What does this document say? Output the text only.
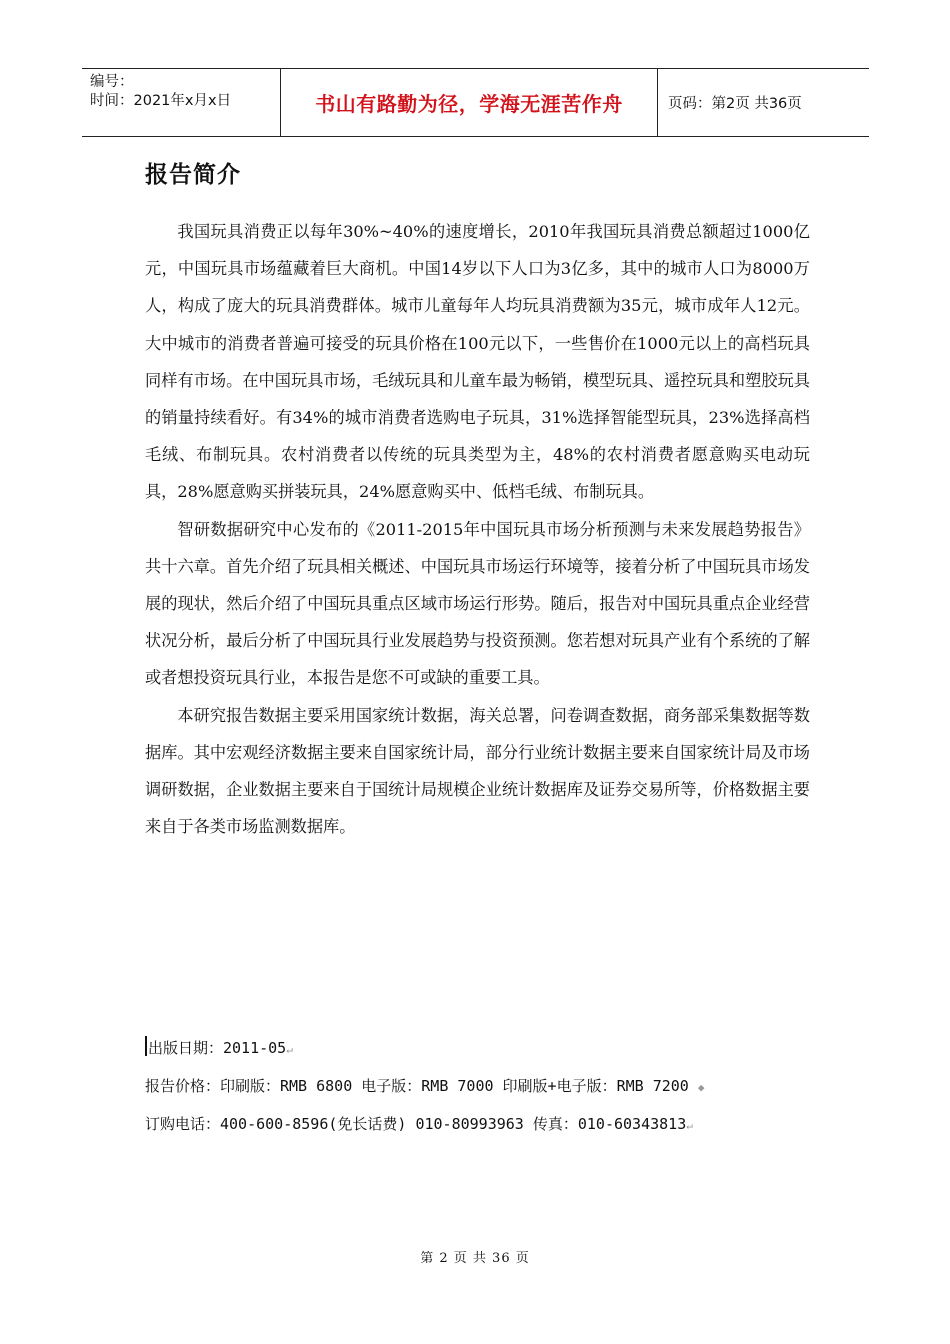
编号：
时间：2021年x月x日	书山有路勤为径，学海无涯苦作舟	页码：第2页 共36页
报告简介

我国玩具消费正以每年30%~40%的速度增长，2010年我国玩具消费总额超过1000亿元，中国玩具市场蕴藏着巨大商机。中国14岁以下人口为3亿多，其中的城市人口为8000万人，构成了庞大的玩具消费群体。城市儿童每年人均玩具消费额为35元，城市成年人12元。大中城市的消费者普遍可接受的玩具价格在100元以下，一些售价在1000元以上的高档玩具同样有市场。在中国玩具市场，毛绒玩具和儿童车最为畅销，模型玩具、遥控玩具和塑胶玩具的销量持续看好。有34%的城市消费者选购电子玩具，31%选择智能型玩具，23%选择高档毛绒、布制玩具。农村消费者以传统的玩具类型为主，48%的农村消费者愿意购买电动玩具，28%愿意购买拼装玩具，24%愿意购买中、低档毛绒、布制玩具。

智研数据研究中心发布的《2011-2015年中国玩具市场分析预测与未来发展趋势报告》共十六章。首先介绍了玩具相关概述、中国玩具市场运行环境等，接着分析了中国玩具市场发展的现状，然后介绍了中国玩具重点区域市场运行形势。随后，报告对中国玩具重点企业经营状况分析，最后分析了中国玩具行业发展趋势与投资预测。您若想对玩具产业有个系统的了解或者想投资玩具行业，本报告是您不可或缺的重要工具。

本研究报告数据主要采用国家统计数据，海关总署，问卷调查数据，商务部采集数据等数据库。其中宏观经济数据主要来自国家统计局，部分行业统计数据主要来自国家统计局及市场调研数据，企业数据主要来自于国统计局规模企业统计数据库及证券交易所等，价格数据主要来自于各类市场监测数据库。

出版日期：2011-05↵
报告价格：印刷版：RMB 6800 电子版：RMB 7000 印刷版+电子版：RMB 7200 ◆
订购电话：400-600-8596(免长话费) 010-80993963 传真：010-60343813↵
第 2 页 共 36 页
